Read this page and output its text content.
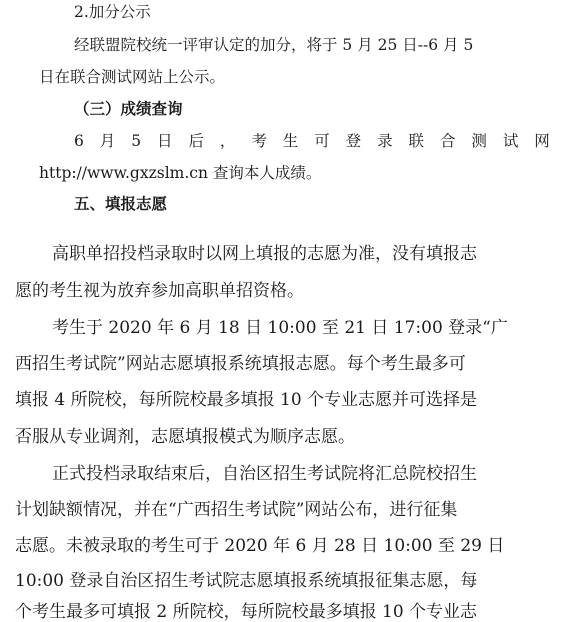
2.加分公示
经联盟院校统一评审认定的加分，将于 5 月 25 日--6 月 5
日在联合测试网站上公示。
（三）成绩查询
6 月 5 日 后 ， 考 生 可 登 录 联 合 测 试 网
http://www.gxzslm.cn 查询本人成绩。
五、填报志愿
高职单招投档录取时以网上填报的志愿为准，没有填报志
愿的考生视为放弃参加高职单招资格。
考生于 2020 年 6 月 18 日 10:00 至 21 日 17:00 登录“广
西招生考试院”网站志愿填报系统填报志愿。每个考生最多可
填报 4 所院校，每所院校最多填报 10 个专业志愿并可选择是
否服从专业调剂，志愿填报模式为顺序志愿。
正式投档录取结束后，自治区招生考试院将汇总院校招生
计划缺额情况，并在“广西招生考试院”网站公布，进行征集
志愿。未被录取的考生可于 2020 年 6 月 28 日 10:00 至 29 日
10:00 登录自治区招生考试院志愿填报系统填报征集志愿，每
个考生最多可填报 2 所院校，每所院校最多填报 10 个专业志
